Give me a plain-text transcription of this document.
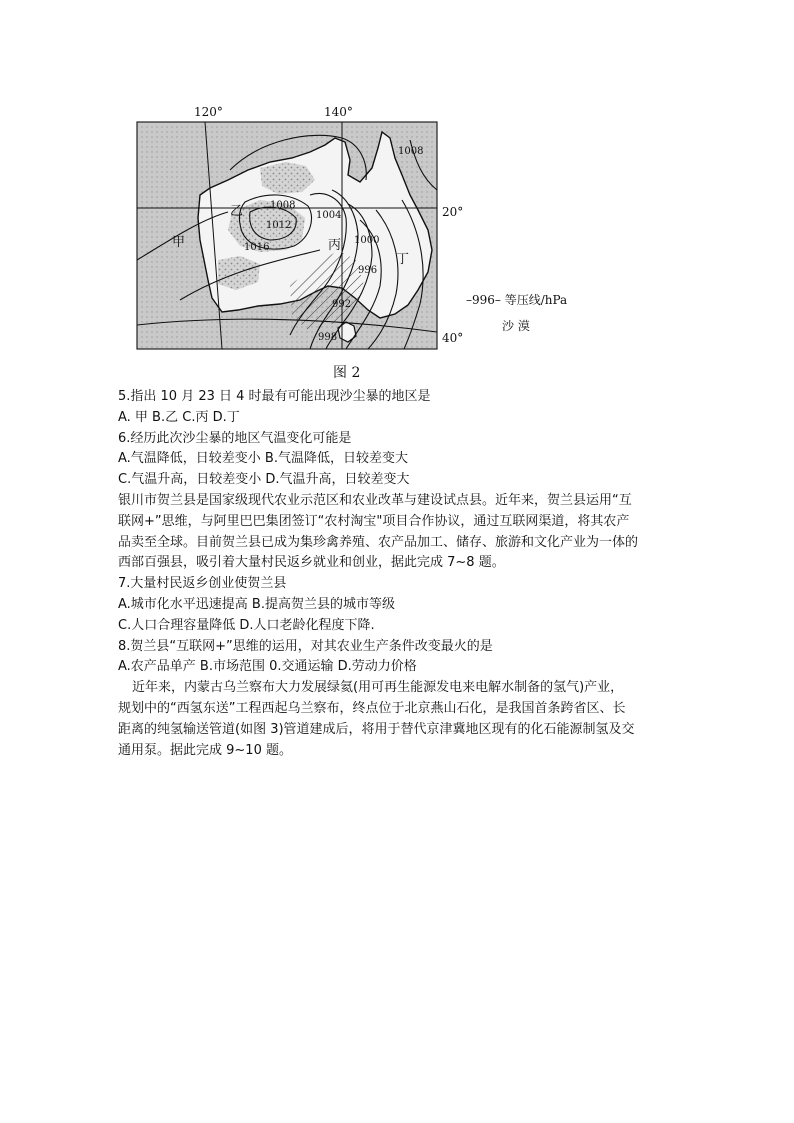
120°	140°
20°
40°
1008
1008
1004
1012
1016
1000
996
992
998
甲
乙
丙
丁
–996– 等压线/hPa
沙 漠
图 2
5.指出 10 月 23 日 4 时最有可能出现沙尘暴的地区是
A. 甲 B.乙 C.丙 D.丁
6.经历此次沙尘暴的地区气温变化可能是
A.气温降低，日较差变小 B.气温降低，日较差变大
C.气温升高，日较差变小 D.气温升高，日较差变大
银川市贺兰县是国家级现代农业示范区和农业改革与建设试点县。近年来，贺兰县运用“互
联网+”思维，与阿里巴巴集团签订“农村淘宝"项目合作协议，通过互联网渠道，将其农产
品卖至全球。目前贺兰县已成为集珍禽养殖、农产品加工、储存、旅游和文化产业为一体的
西部百强县，吸引着大量村民返乡就业和创业，据此完成 7~8 题。
7.大量村民返乡创业使贺兰县
A.城市化水平迅速提高 B.提高贺兰县的城市等级
C.人口合理容量降低 D.人口老龄化程度下降.
8.贺兰县“互联网+”思维的运用，对其农业生产条件改变最火的是
A.农产品单产 B.市场范围 0.交通运输 D.劳动力价格
近年来，内蒙古乌兰察布大力发展绿氦(用可再生能源发电来电解水制备的氢气)产业，
规划中的“西氢东送”工程西起乌兰察布，终点位于北京燕山石化，是我国首条跨省区、长
距离的纯氢输送管道(如图 3)管道建成后，将用于替代京津冀地区现有的化石能源制氢及交
通用泵。据此完成 9~10 题。
